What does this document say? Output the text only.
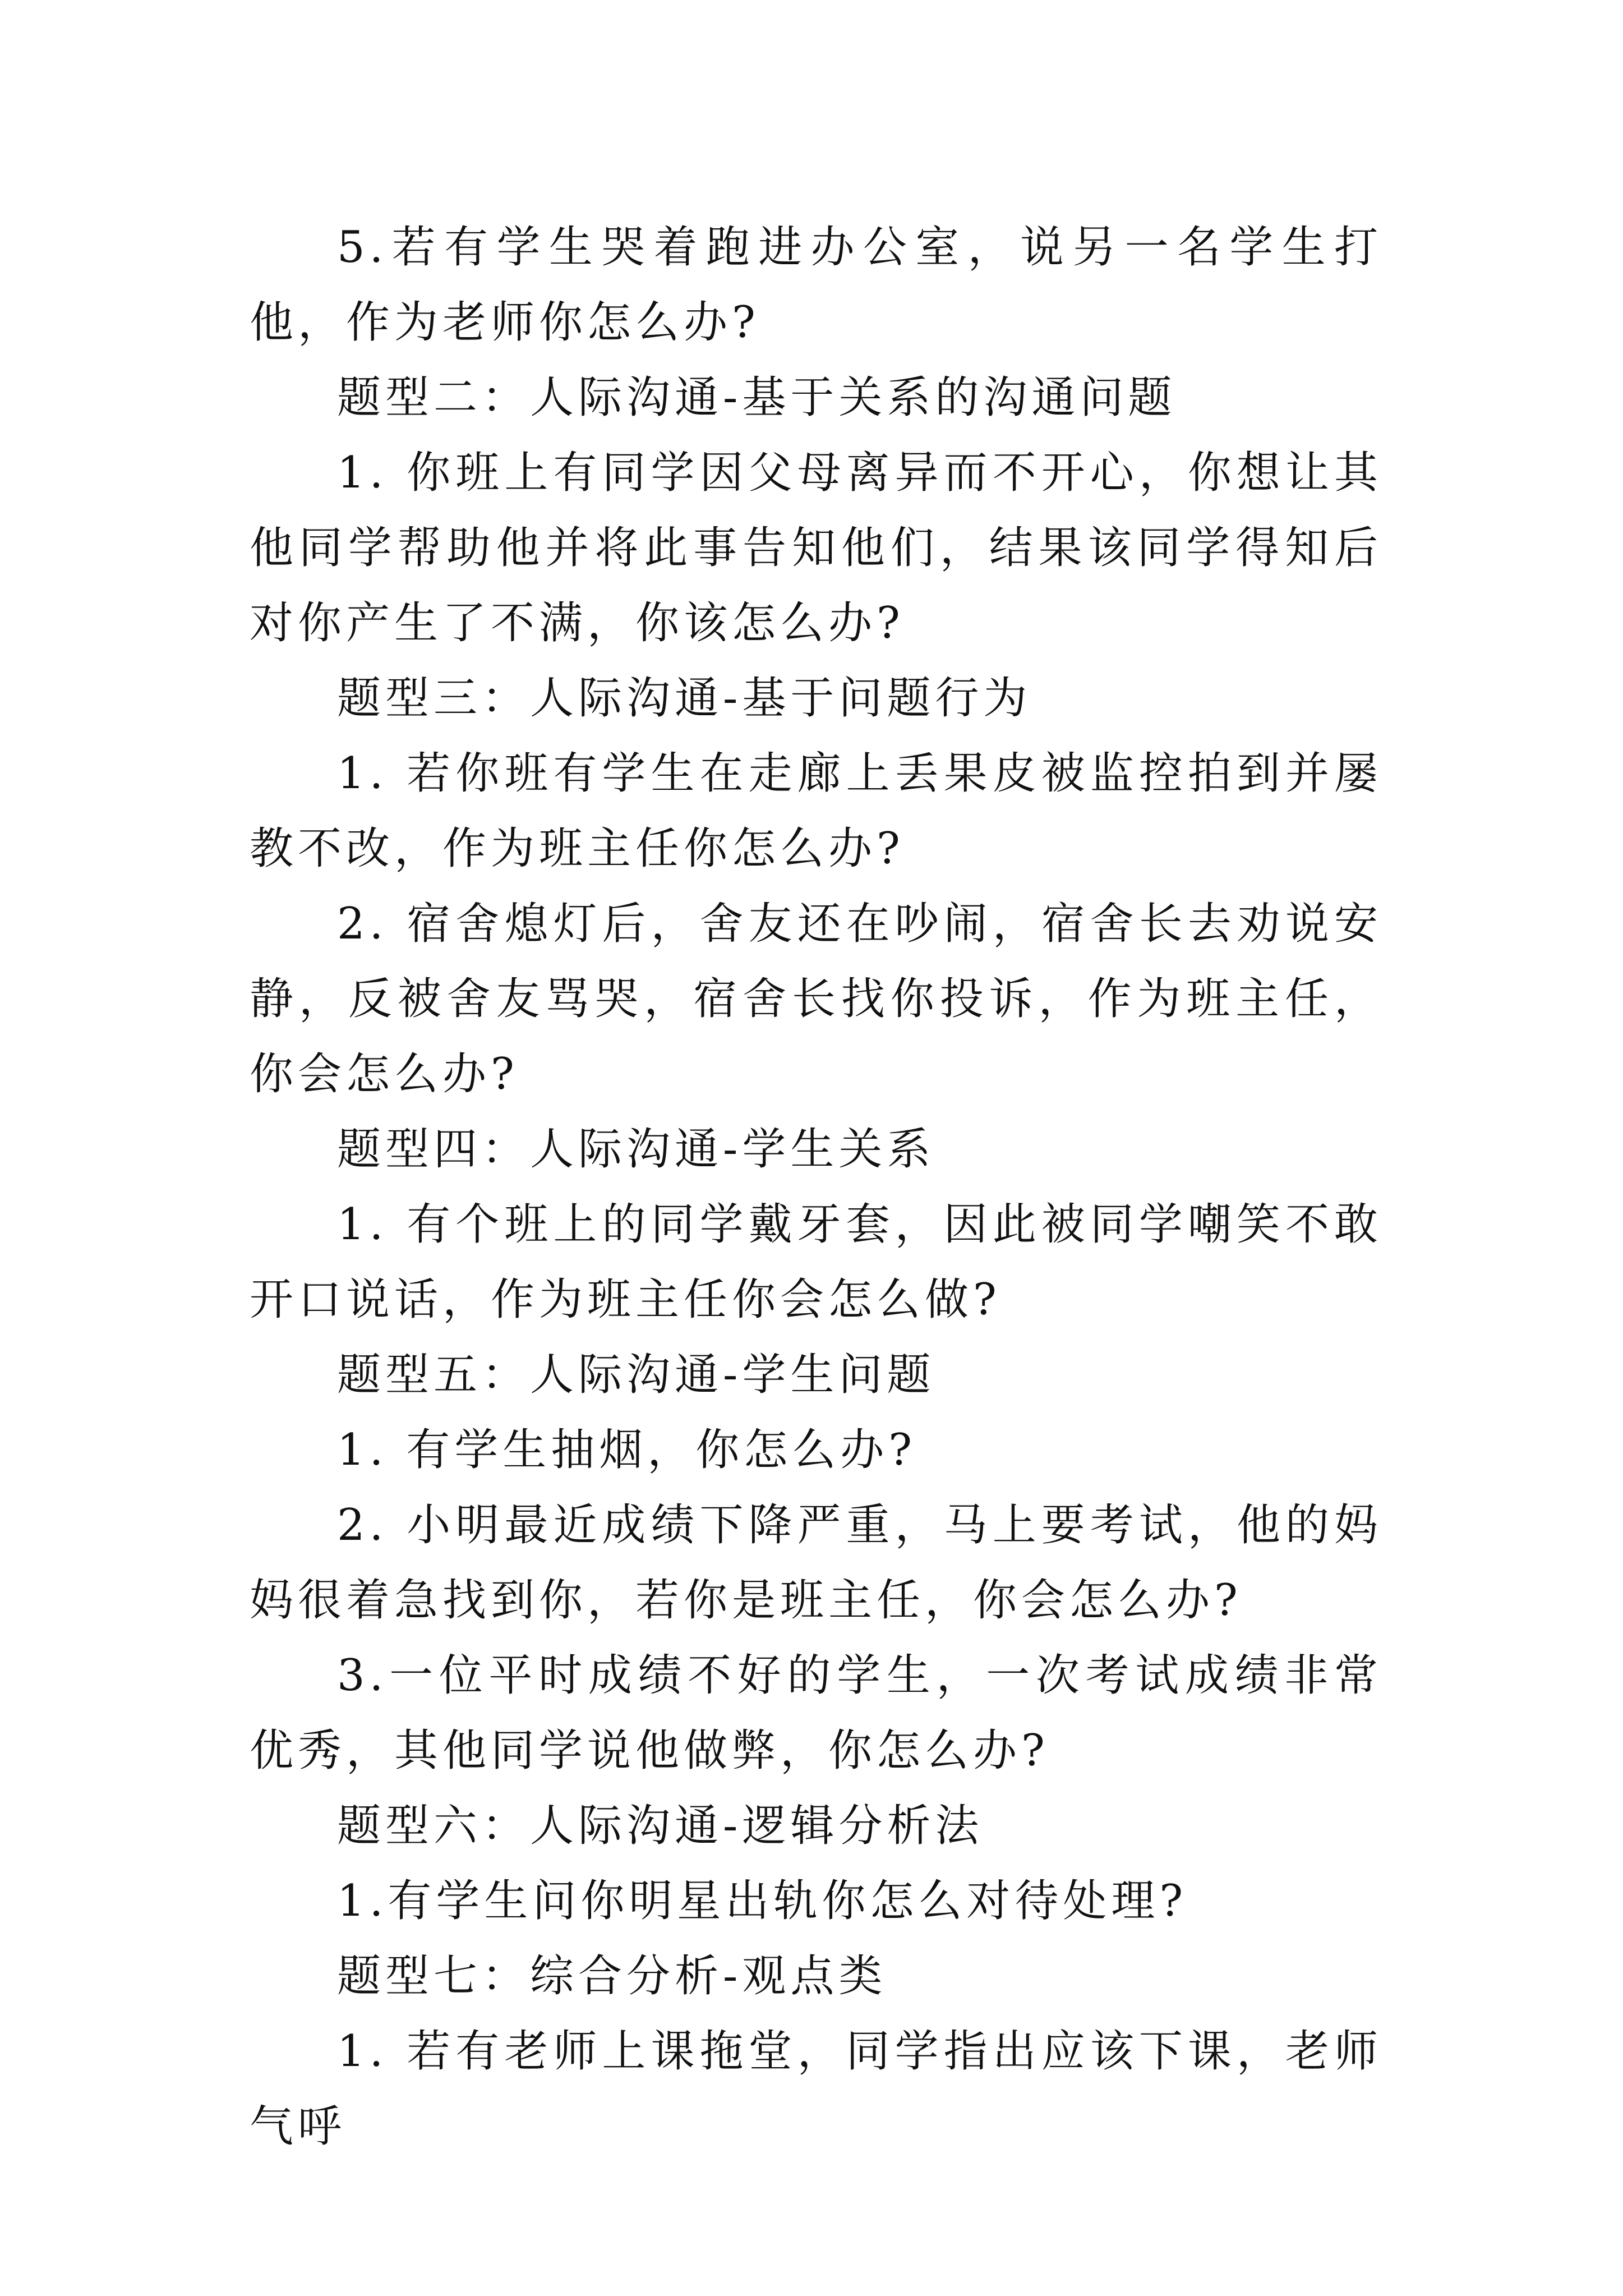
5.若有学生哭着跑进办公室，说另一名学生打他，作为老师你怎么办?

题型二：人际沟通-基于关系的沟通问题

1. 你班上有同学因父母离异而不开心，你想让其他同学帮助他并将此事告知他们，结果该同学得知后对你产生了不满，你该怎么办?

题型三：人际沟通-基于问题行为

1. 若你班有学生在走廊上丢果皮被监控拍到并屡教不改，作为班主任你怎么办?

2. 宿舍熄灯后，舍友还在吵闹，宿舍长去劝说安静，反被舍友骂哭，宿舍长找你投诉，作为班主任，你会怎么办?

题型四：人际沟通-学生关系

1. 有个班上的同学戴牙套，因此被同学嘲笑不敢开口说话，作为班主任你会怎么做?

题型五：人际沟通-学生问题

1. 有学生抽烟，你怎么办?

2. 小明最近成绩下降严重，马上要考试，他的妈妈很着急找到你，若你是班主任，你会怎么办?

3.一位平时成绩不好的学生，一次考试成绩非常优秀，其他同学说他做弊，你怎么办?

题型六：人际沟通-逻辑分析法

1.有学生问你明星出轨你怎么对待处理?

题型七：综合分析-观点类

1. 若有老师上课拖堂，同学指出应该下课，老师气呼
